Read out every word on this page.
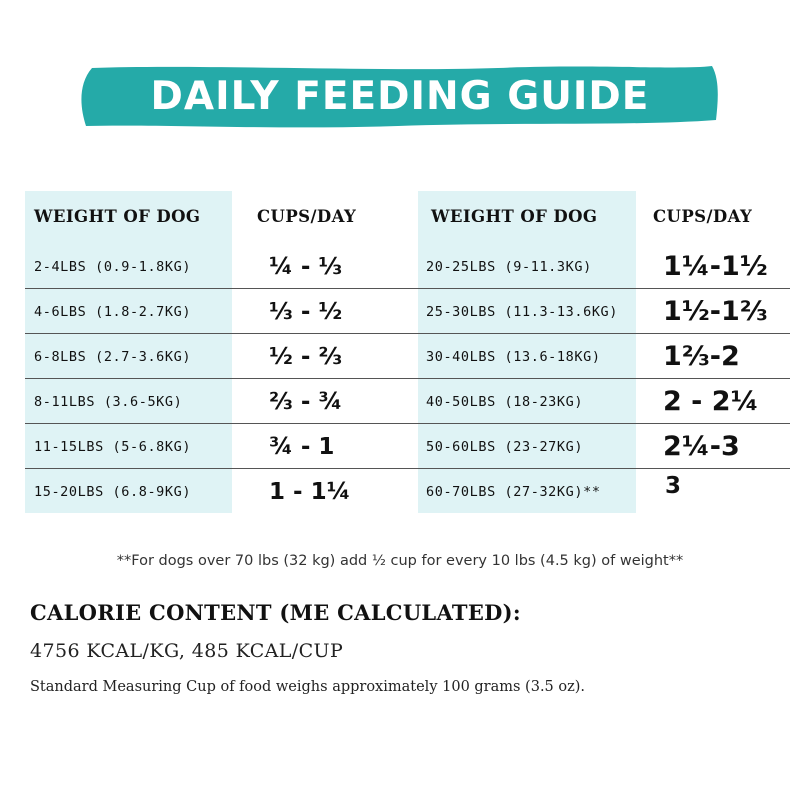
DAILY FEEDING GUIDE
WEIGHT OF DOG	CUPS/DAY	WEIGHT OF DOG	CUPS/DAY
2-4LBS (0.9-1.8KG)	¼ - ⅓	20-25LBS (9-11.3KG)	1¼-1½
4-6LBS (1.8-2.7KG)	⅓ - ½	25-30LBS (11.3-13.6KG) 1½-1⅔
6-8LBS (2.7-3.6KG)	½ - ⅔	30-40LBS (13.6-18KG) 1⅔-2
8-11LBS (3.6-5KG)	⅔ - ¾	40-50LBS (18-23KG)	2 - 2¼
11-15LBS (5-6.8KG)	¾ - 1	50-60LBS (23-27KG)	2¼-3
15-20LBS (6.8-9KG)	1 - 1¼	60-70LBS (27-32KG)**	3
**For dogs over 70 lbs (32 kg) add ½ cup for every 10 lbs (4.5 kg) of weight**
CALORIE CONTENT (ME CALCULATED):
4756 KCAL/KG, 485 KCAL/CUP
Standard Measuring Cup of food weighs approximately 100 grams (3.5 oz).
